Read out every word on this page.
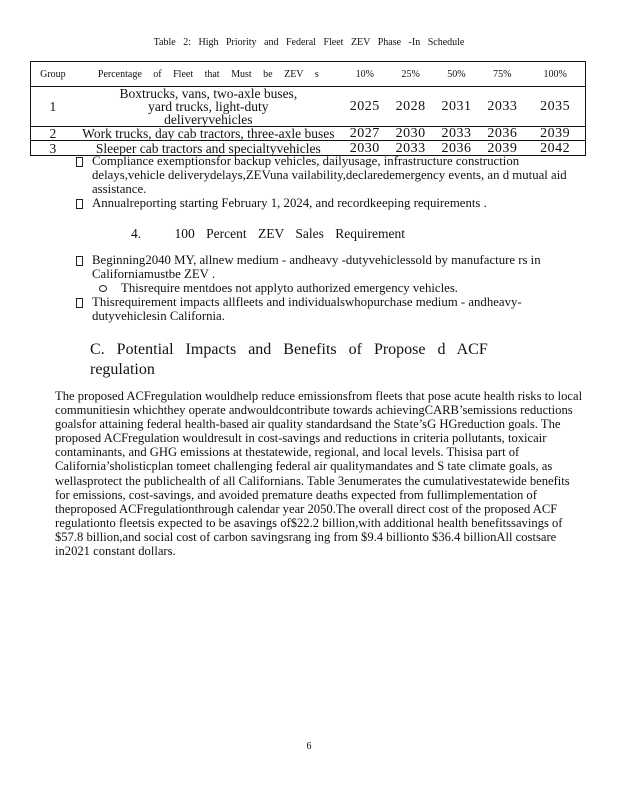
Table 2: High Priority and Federal Fleet ZEV Phase -In Schedule
Group	Percentage of Fleet that Must be ZEV s	10%	25%	50%	75%	100%
1	Boxtrucks, vans, two-axle buses, yard trucks, light-duty deliveryvehicles	2025	2028	2031	2033	2035
2	Work trucks, day cab tractors, three-axle buses	2027	2030	2033	2036	2039
3	Sleeper cab tractors and specialtyvehicles	2030	2033	2036	2039	2042
Compliance exemptionsfor backup vehicles, dailyusage, infrastructure construction delays,vehicle deliverydelays,ZEVuna vailability,declaredemergency events, an d mutual aid assistance.
Annualreporting starting February 1, 2024, and recordkeeping requirements .
4. 100 Percent ZEV Sales Requirement
Beginning2040 MY, allnew medium - andheavy -dutyvehiclessold by manufacture rs in Californiamustbe ZEV .
Thisrequire mentdoes not applyto authorized emergency vehicles.
Thisrequirement impacts allfleets and individualswhopurchase medium - andheavy-dutyvehiclesin California.
C. Potential Impacts and Benefits of Propose d ACF regulation
The proposed ACFregulation wouldhelp reduce emissionsfrom fleets that pose acute health risks to local communitiesin whichthey operate andwouldcontribute towards achievingCARB’semissions reductions goalsfor attaining federal health-based air quality standardsand the State’sG HGreduction goals. The proposed ACFregulation wouldresult in cost-savings and reductions in criteria pollutants, toxicair contaminants, and GHG emissions at thestatewide, regional, and local levels. Thisisa part of California’sholisticplan tomeet challenging federal air qualitymandates and S tate climate goals, as wellasprotect the publichealth of all Californians. Table 3enumerates the cumulativestatewide benefits for emissions, cost-savings, and avoided premature deaths expected from fullimplementation of theproposed ACFregulationthrough calendar year 2050.The overall direct cost of the proposed ACF regulationto fleetsis expected to be asavings of$22.2 billion,with additional health benefitssavings of $57.8 billion,and social cost of carbon savingsrang ing from $9.4 billionto $36.4 billionAll costsare in2021 constant dollars.
6
